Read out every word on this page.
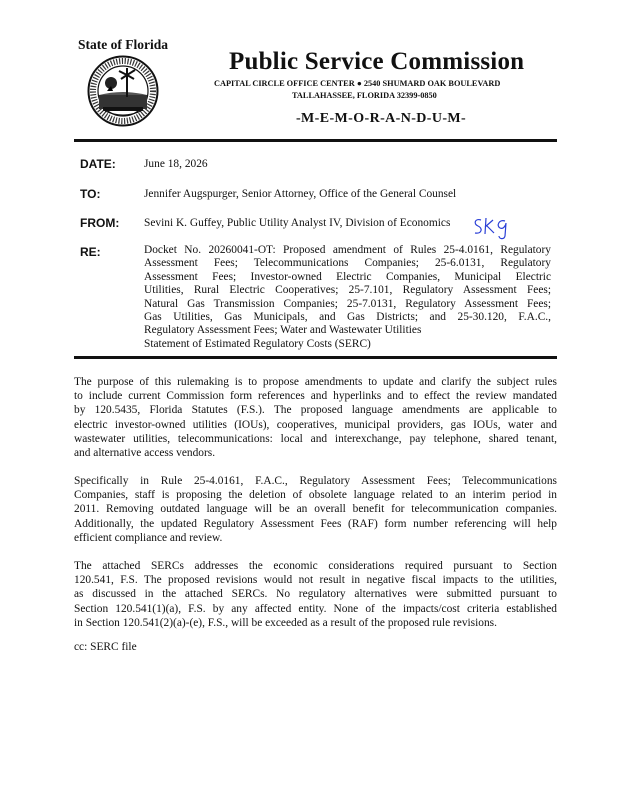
State of Florida
Public Service Commission
CAPITAL CIRCLE OFFICE CENTER ● 2540 SHUMARD OAK BOULEVARD
TALLAHASSEE, FLORIDA 32399-0850
-M-E-M-O-R-A-N-D-U-M-
DATE: June 18, 2026
TO:	Jennifer Augspurger, Senior Attorney, Office of the General Counsel
FROM: Sevini K. Guffey, Public Utility Analyst IV, Division of Economics
RE:	Docket No. 20260041-OT: Proposed amendment of Rules 25-4.0161, Regulatory
Assessment Fees; Telecommunications Companies; 25-6.0131, Regulatory
Assessment Fees; Investor-owned Electric Companies, Municipal Electric
Utilities, Rural Electric Cooperatives; 25-7.101, Regulatory Assessment Fees;
Natural Gas Transmission Companies; 25-7.0131, Regulatory Assessment Fees;
Gas Utilities, Gas Municipals, and Gas Districts; and 25-30.120, F.A.C.,
Regulatory Assessment Fees; Water and Wastewater Utilities
Statement of Estimated Regulatory Costs (SERC)
The purpose of this rulemaking is to propose amendments to update and clarify the subject rules
to include current Commission form references and hyperlinks and to effect the review mandated
by 120.5435, Florida Statutes (F.S.). The proposed language amendments are applicable to
electric investor-owned utilities (IOUs), cooperatives, municipal providers, gas IOUs, water and
wastewater utilities, telecommunications: local and interexchange, pay telephone, shared tenant,
and alternative access vendors.
Specifically in Rule 25-4.0161, F.A.C., Regulatory Assessment Fees; Telecommunications
Companies, staff is proposing the deletion of obsolete language related to an interim period in
2011. Removing outdated language will be an overall benefit for telecommunication companies.
Additionally, the updated Regulatory Assessment Fees (RAF) form number referencing will help
efficient compliance and review.
The attached SERCs addresses the economic considerations required pursuant to Section
120.541, F.S. The proposed revisions would not result in negative fiscal impacts to the utilities,
as discussed in the attached SERCs. No regulatory alternatives were submitted pursuant to
Section 120.541(1)(a), F.S. by any affected entity. None of the impacts/cost criteria established
in Section 120.541(2)(a)-(e), F.S., will be exceeded as a result of the proposed rule revisions.
cc: SERC file
